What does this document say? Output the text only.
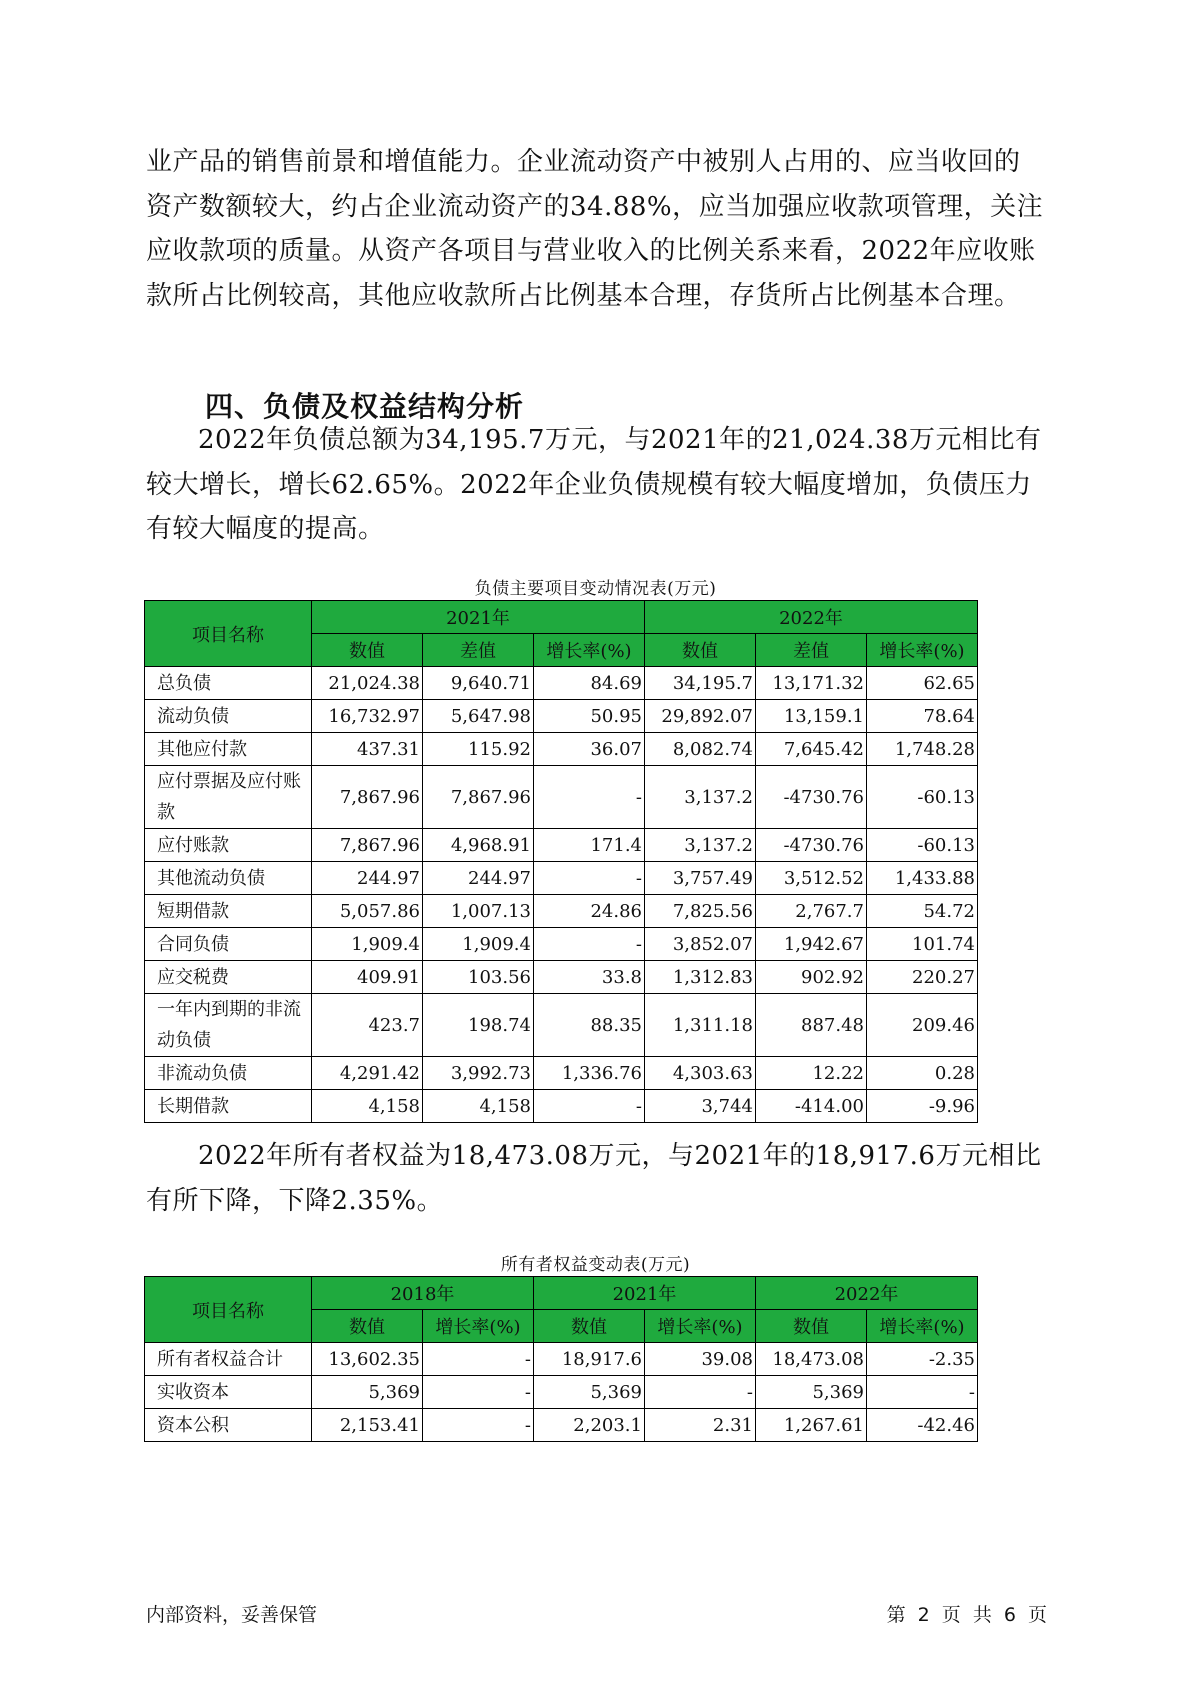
业产品的销售前景和增值能力。企业流动资产中被别人占用的、应当收回的资产数额较大，约占企业流动资产的34.88%，应当加强应收款项管理，关注应收款项的质量。从资产各项目与营业收入的比例关系来看，2022年应收账款所占比例较高，其他应收款所占比例基本合理，存货所占比例基本合理。

四、负债及权益结构分析

2022年负债总额为34,195.7万元，与2021年的21,024.38万元相比有较大增长，增长62.65%。2022年企业负债规模有较大幅度增加，负债压力有较大幅度的提高。

负债主要项目变动情况表(万元)

项目名称	2021年			2022年		
	数值	差值	增长率(%)	数值	差值	增长率(%)
总负债	21,024.38	9,640.71	84.69	34,195.7	13,171.32	62.65
流动负债	16,732.97	5,647.98	50.95	29,892.07	13,159.1	78.64
其他应付款	437.31	115.92	36.07	8,082.74	7,645.42	1,748.28
应付票据及应付账款	7,867.96	7,867.96	-	3,137.2	-4730.76	-60.13
应付账款	7,867.96	4,968.91	171.4	3,137.2	-4730.76	-60.13
其他流动负债	244.97	244.97	-	3,757.49	3,512.52	1,433.88
短期借款	5,057.86	1,007.13	24.86	7,825.56	2,767.7	54.72
合同负债	1,909.4	1,909.4	-	3,852.07	1,942.67	101.74
应交税费	409.91	103.56	33.8	1,312.83	902.92	220.27
一年内到期的非流动负债	423.7	198.74	88.35	1,311.18	887.48	209.46
非流动负债	4,291.42	3,992.73	1,336.76	4,303.63	12.22	0.28
长期借款	4,158	4,158	-	3,744	-414.00	-9.96

2022年所有者权益为18,473.08万元，与2021年的18,917.6万元相比有所下降，下降2.35%。

所有者权益变动表(万元)

项目名称	2018年		2021年		2022年	
	数值	增长率(%)	数值	增长率(%)	数值	增长率(%)
所有者权益合计	13,602.35	-	18,917.6	39.08	18,473.08	-2.35
实收资本	5,369	-	5,369	-	5,369	-
资本公积	2,153.41	-	2,203.1	2.31	1,267.61	-42.46

内部资料，妥善保管	第 2 页 共 6 页
